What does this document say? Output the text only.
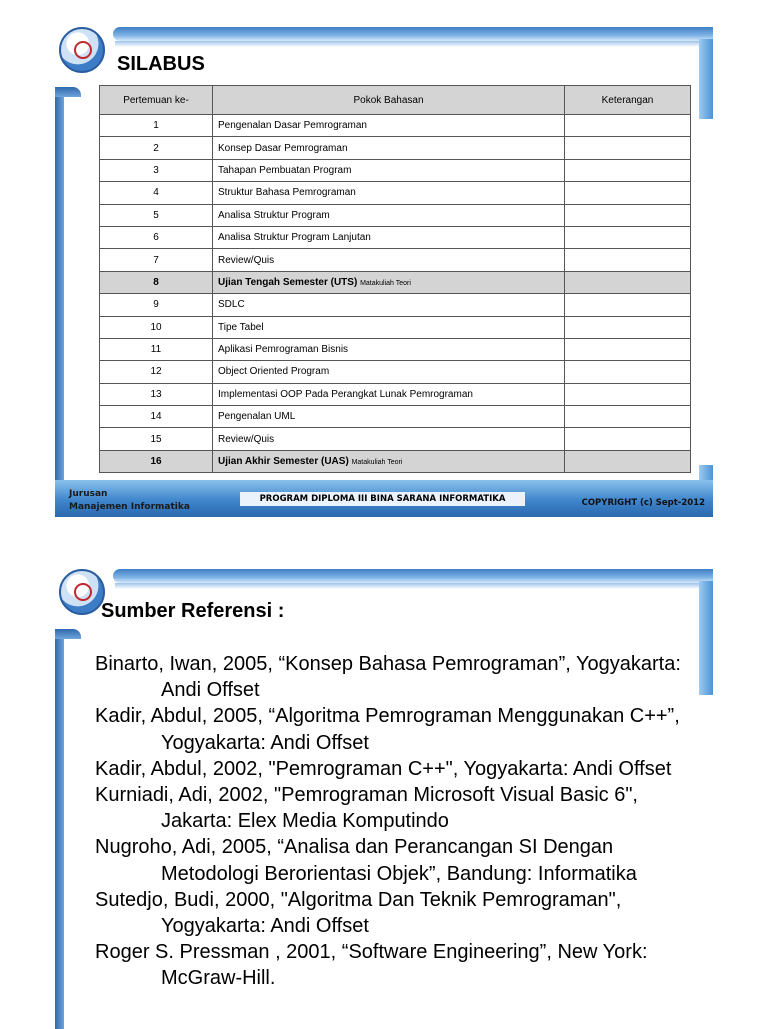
SILABUS
Pertemuan ke-	Pokok Bahasan	Keterangan
1	Pengenalan Dasar Pemrograman	
2	Konsep Dasar Pemrograman	
3	Tahapan Pembuatan Program	
4	Struktur Bahasa Pemrograman	
5	Analisa Struktur Program	
6	Analisa Struktur Program Lanjutan	
7	Review/Quis	
8	Ujian Tengah Semester (UTS) Matakuliah Teori	
9	SDLC	
10	Tipe Tabel	
11	Aplikasi Pemrograman Bisnis	
12	Object Oriented Program	
13	Implementasi OOP Pada Perangkat Lunak Pemrograman	
14	Pengenalan UML	
15	Review/Quis	
16	Ujian Akhir Semester (UAS) Matakuliah Teori	
Jurusan
Manajemen Informatika
PROGRAM DIPLOMA III BINA SARANA INFORMATIKA	COPYRIGHT (c) Sept-2012
Sumber Referensi :
Binarto, Iwan, 2005, “Konsep Bahasa Pemrograman”, Yogyakarta: Andi Offset
Kadir, Abdul, 2005, “Algoritma Pemrograman Menggunakan C++”, Yogyakarta: Andi Offset
Kadir, Abdul, 2002, "Pemrograman C++", Yogyakarta: Andi Offset
Kurniadi, Adi, 2002, "Pemrograman Microsoft Visual Basic 6", Jakarta: Elex Media Komputindo
Nugroho, Adi, 2005, “Analisa dan Perancangan SI Dengan Metodologi Berorientasi Objek”, Bandung: Informatika
Sutedjo, Budi, 2000, "Algoritma Dan Teknik Pemrograman", Yogyakarta: Andi Offset
Roger S. Pressman , 2001, “Software Engineering”, New York: McGraw-Hill.
